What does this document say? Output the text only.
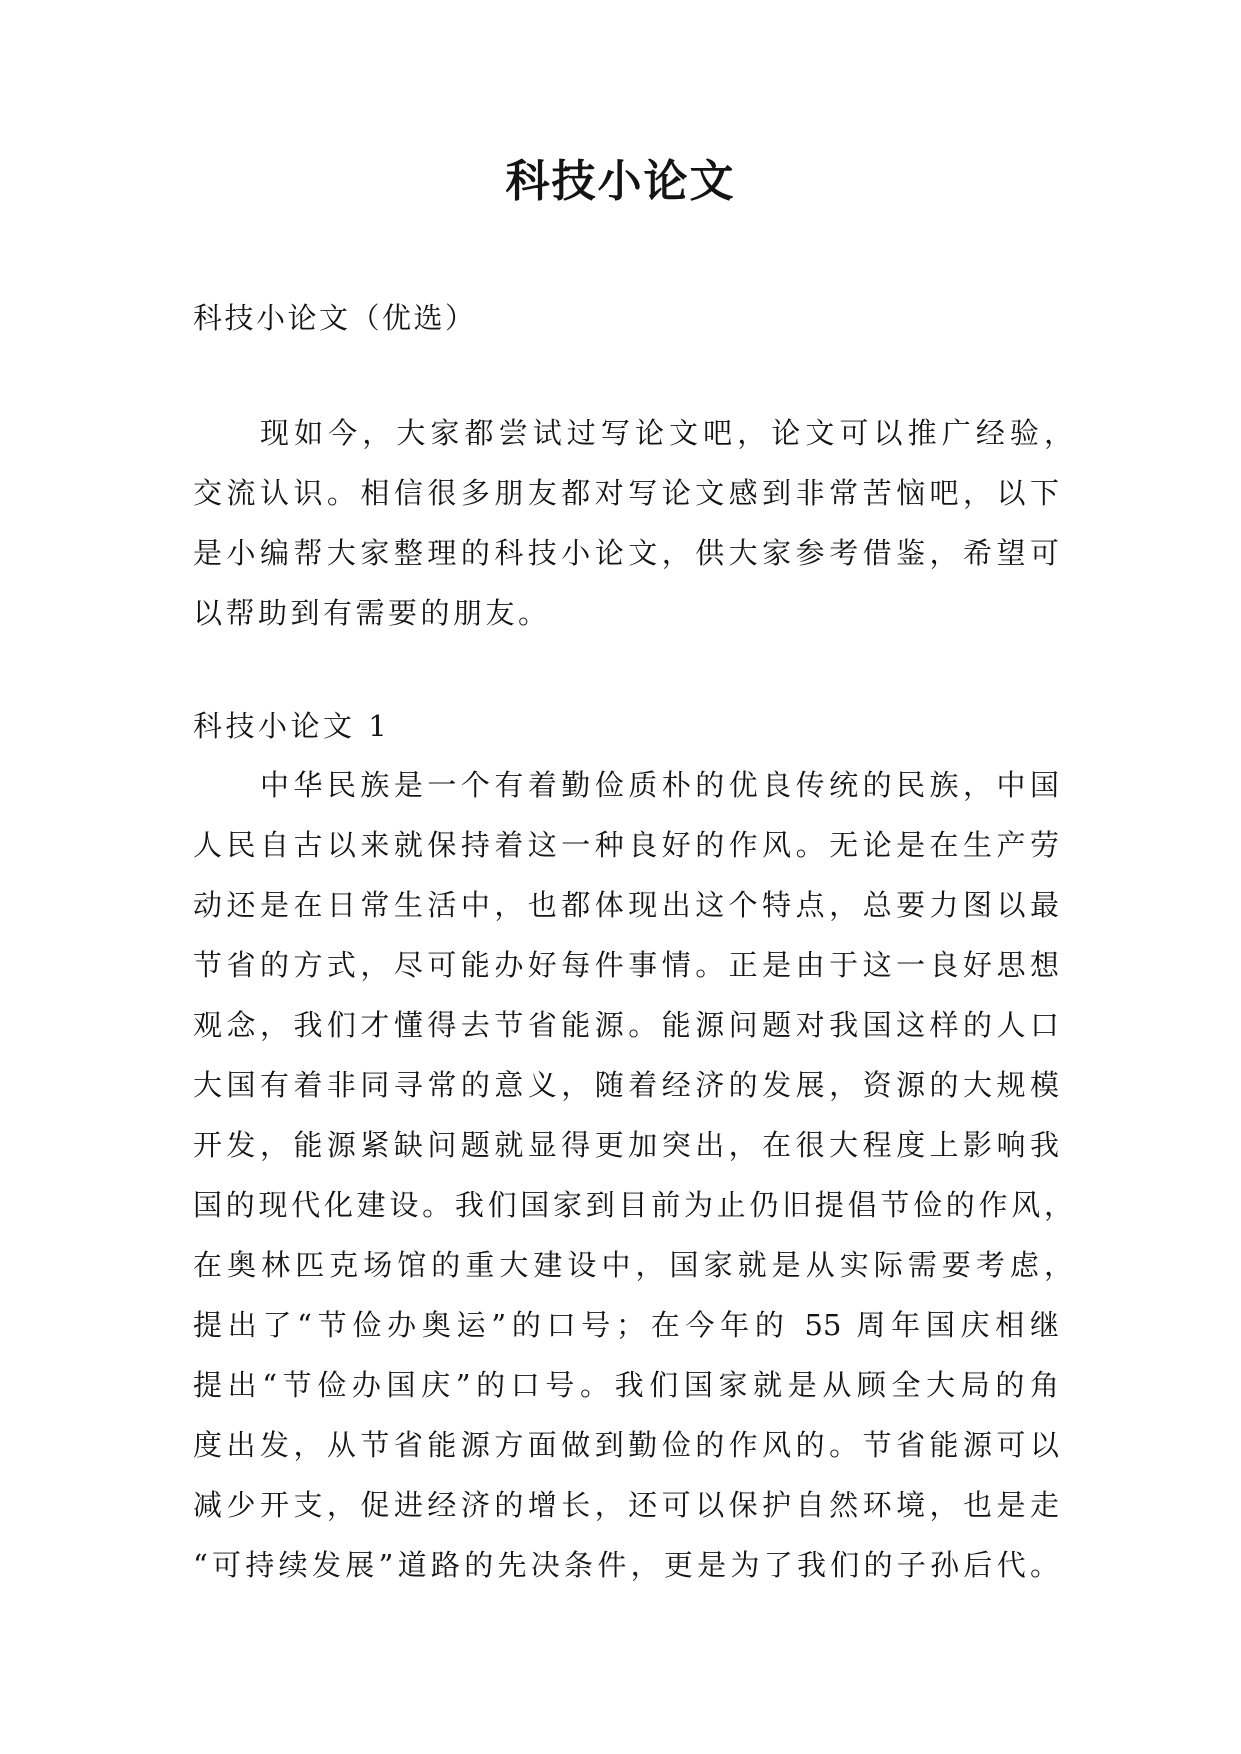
科技小论文
科技小论文（优选）
现如今，大家都尝试过写论文吧，论文可以推广经验，
交流认识。相信很多朋友都对写论文感到非常苦恼吧，以下
是小编帮大家整理的科技小论文，供大家参考借鉴，希望可
以帮助到有需要的朋友。
科技小论文 1
中华民族是一个有着勤俭质朴的优良传统的民族，中国
人民自古以来就保持着这一种良好的作风。无论是在生产劳
动还是在日常生活中，也都体现出这个特点，总要力图以最
节省的方式，尽可能办好每件事情。正是由于这一良好思想
观念，我们才懂得去节省能源。能源问题对我国这样的人口
大国有着非同寻常的意义，随着经济的发展，资源的大规模
开发，能源紧缺问题就显得更加突出，在很大程度上影响我
国的现代化建设。我们国家到目前为止仍旧提倡节俭的作风，
在奥林匹克场馆的重大建设中，国家就是从实际需要考虑，
提出了“节俭办奥运”的口号；在今年的 55 周年国庆相继
提出“节俭办国庆”的口号。我们国家就是从顾全大局的角
度出发，从节省能源方面做到勤俭的作风的。节省能源可以
减少开支，促进经济的增长，还可以保护自然环境，也是走
“可持续发展”道路的先决条件，更是为了我们的子孙后代。
